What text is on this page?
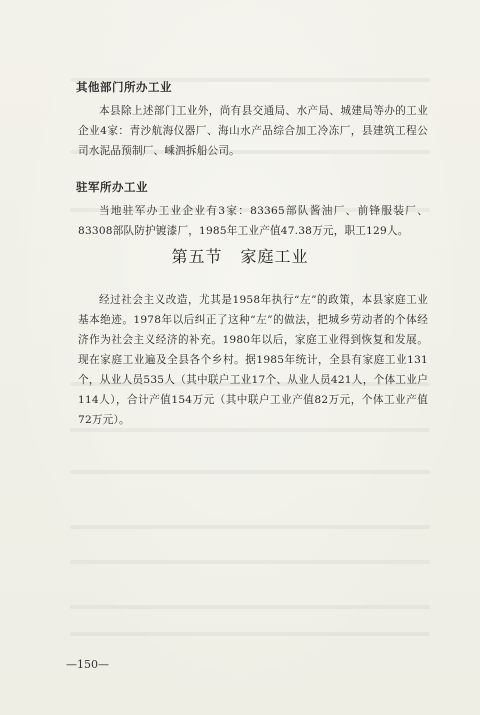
其他部门所办工业

本县除上述部门工业外，尚有县交通局、水产局、城建局等办的工业企业4家：青沙航海仪器厂、海山水产品综合加工冷冻厂，县建筑工程公司水泥品预制厂、嵊泗拆船公司。

驻军所办工业

当地驻军办工业企业有3家：83365部队酱油厂、前锋服装厂、83308部队防护镀漆厂，1985年工业产值47.38万元，职工129人。

第五节 家庭工业

经过社会主义改造，尤其是1958年执行“左”的政策，本县家庭工业基本绝迹。1978年以后纠正了这种“左”的做法，把城乡劳动者的个体经济作为社会主义经济的补充。1980年以后，家庭工业得到恢复和发展。现在家庭工业遍及全县各个乡村。据1985年统计，全县有家庭工业131个，从业人员535人（其中联户工业17个、从业人员421人，个体工业户114人），合计产值154万元（其中联户工业产值82万元，个体工业产值72万元）。

—150—
